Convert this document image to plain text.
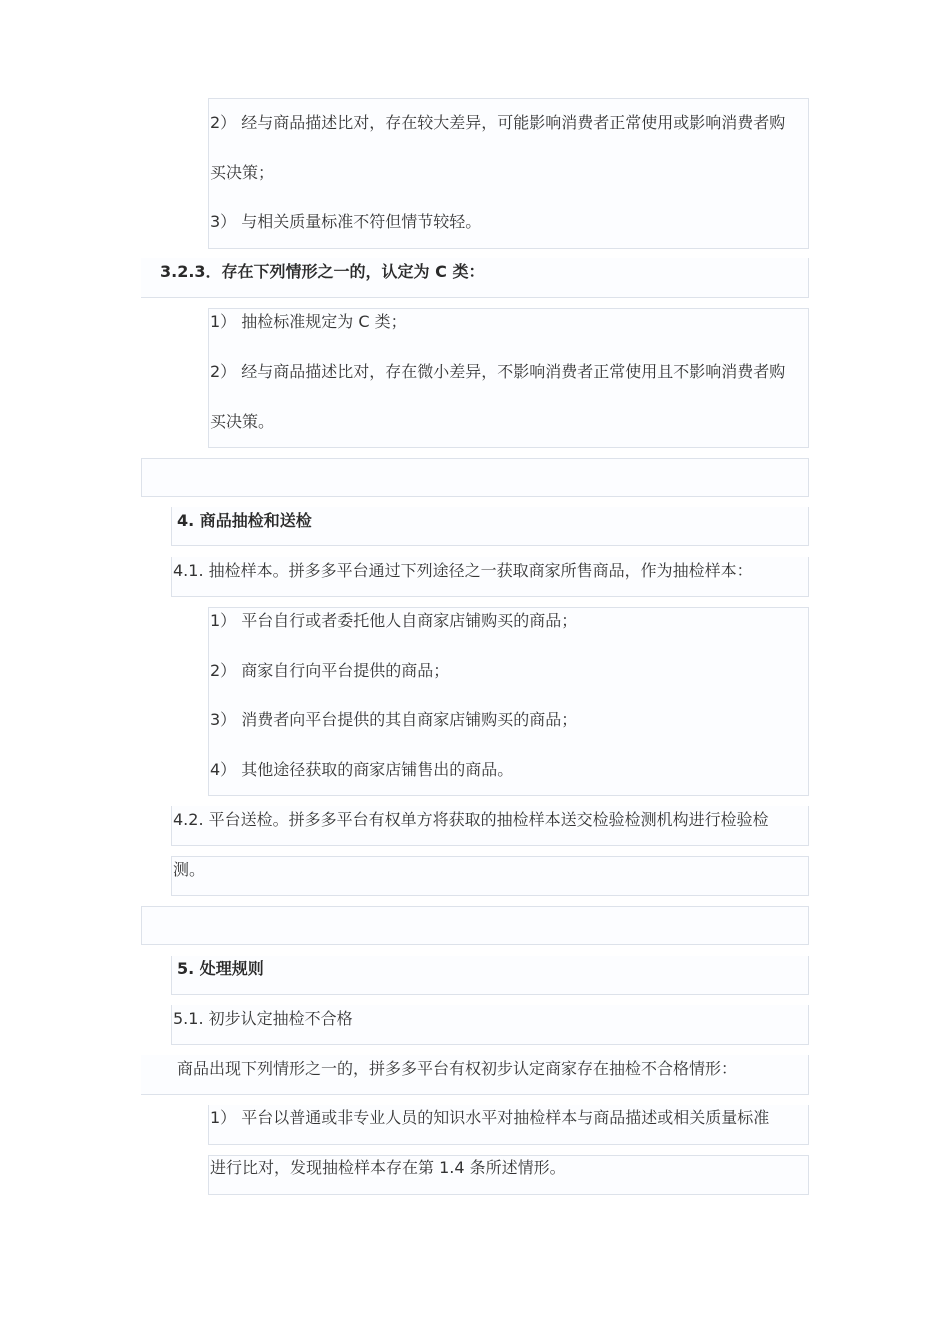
2） 经与商品描述比对，存在较大差异，可能影响消费者正常使用或影响消费者购
买决策；
3） 与相关质量标准不符但情节较轻。
3.2.3．存在下列情形之一的，认定为 C 类：
1） 抽检标准规定为 C 类；
2） 经与商品描述比对，存在微小差异，不影响消费者正常使用且不影响消费者购
买决策。
4. 商品抽检和送检
4.1. 抽检样本。拼多多平台通过下列途径之一获取商家所售商品，作为抽检样本：
1） 平台自行或者委托他人自商家店铺购买的商品；
2） 商家自行向平台提供的商品；
3） 消费者向平台提供的其自商家店铺购买的商品；
4） 其他途径获取的商家店铺售出的商品。
4.2. 平台送检。拼多多平台有权单方将获取的抽检样本送交检验检测机构进行检验检
测。
5. 处理规则
5.1. 初步认定抽检不合格
商品出现下列情形之一的，拼多多平台有权初步认定商家存在抽检不合格情形：
1） 平台以普通或非专业人员的知识水平对抽检样本与商品描述或相关质量标准
进行比对，发现抽检样本存在第 1.4 条所述情形。
